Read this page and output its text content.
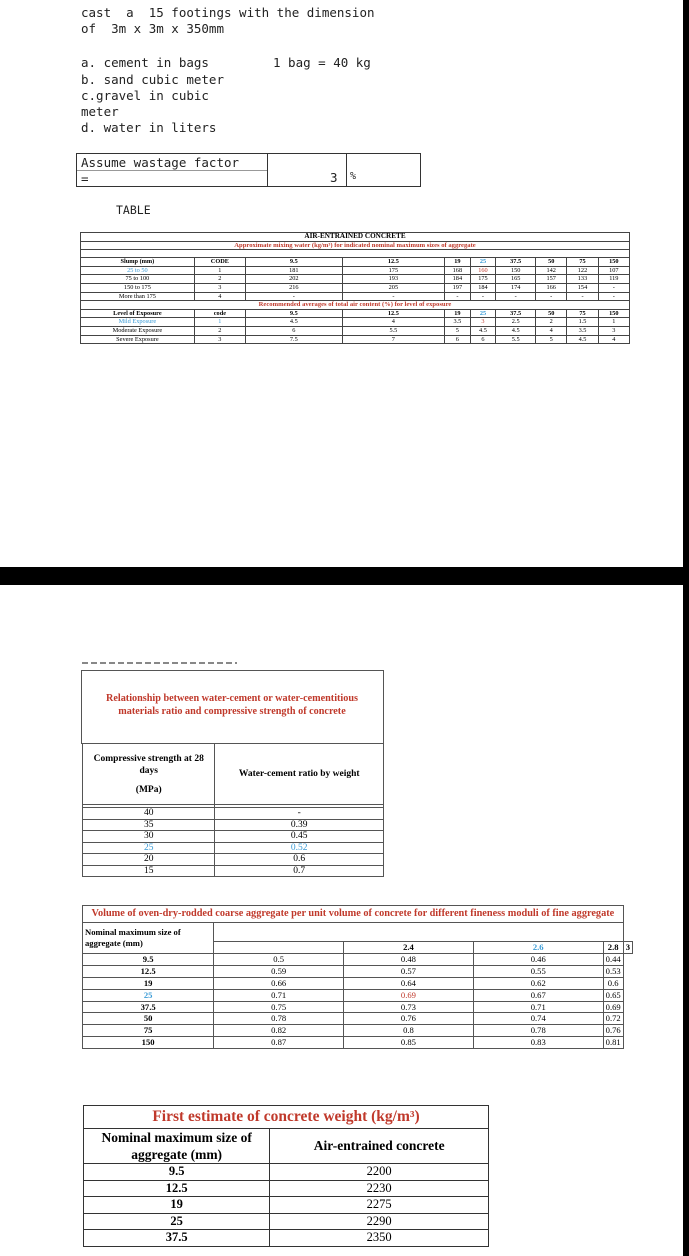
cast  a  15 footings with the dimension
of  3m x 3m x 350mm
a. cement in bags	1 bag = 40 kg
b. sand cubic meter
c.gravel in cubic
meter
d. water in liters
Assume wastage factor
=	3 %
TABLE
AIR-ENTRAINED CONCRETE									
Approximate mixing water (kg/m³) for indicated nominal maximum sizes of aggregate									

Slump (mm)	CODE	9.5	12.5	19	25	37.5	50	75	150
25 to 50	1	181	175	168	160	150	142	122	107
75 to 100	2	202	193	184	175	165	157	133	119
150 to 175	3	216	205	197	184	174	166	154	-
More than 175	4	-	-	-	-	-	-	-	-
Recommended averages of total air content (%) for level of exposure									
Level of Exposure	code	9.5	12.5	19	25	37.5	50	75	150
Mild Exposure	1	4.5	4	3.5	3	2.5	2	1.5	1
Moderate Exposure	2	6	5.5	5	4.5	4.5	4	3.5	3
Severe Exposure	3	7.5	7	6	6	5.5	5	4.5	4
Relationship between water-cement or water-cementitious materials ratio and compressive strength of concrete
Compressive strength at 28 days
(MPa)	Water-cement ratio by weight

40	-
35	0.39
30	0.45
25	0.52
20	0.6
15	0.7
Volume of oven-dry-rodded coarse aggregate per unit volume of concrete for different fineness moduli of fine aggregate					
Nominal maximum size of aggregate (mm)					
		2.4	2.6	2.8	3
9.5	0.5	0.48	0.46	0.44	
12.5	0.59	0.57	0.55	0.53	
19	0.66	0.64	0.62	0.6	
25	0.71	0.69	0.67	0.65	
37.5	0.75	0.73	0.71	0.69	
50	0.78	0.76	0.74	0.72	
75	0.82	0.8	0.78	0.76	
150	0.87	0.85	0.83	0.81	
First estimate of concrete weight (kg/m³)	
Nominal maximum size of aggregate (mm)	Air-entrained concrete
9.5	2200
12.5	2230
19	2275
25	2290
37.5	2350
